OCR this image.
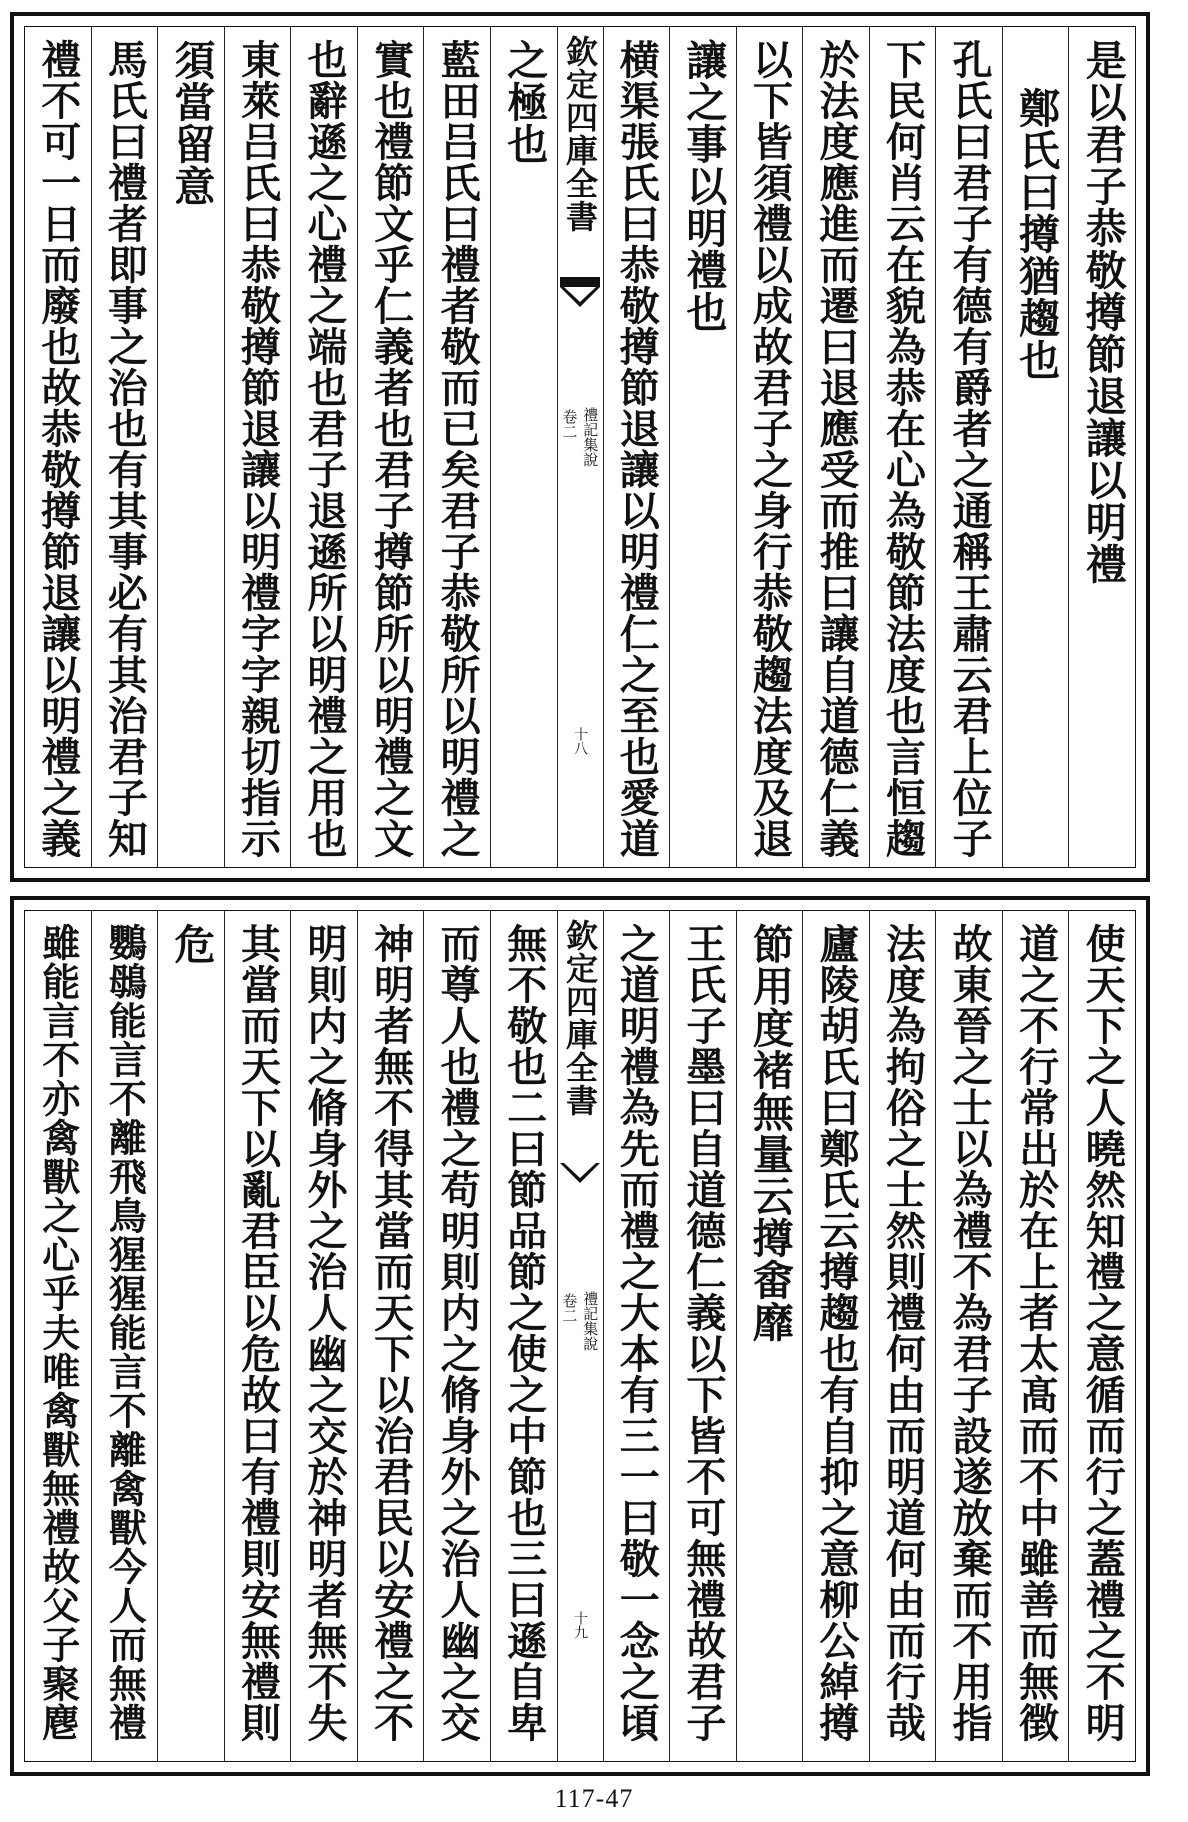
是以君子恭敬撙節退讓以明禮
鄭氏曰撙猶趨也
孔氏曰君子有德有爵者之通稱王肅云君上位子
下民何肖云在貌為恭在心為敬節法度也言恒趨
於法度應進而遷曰退應受而推曰讓自道德仁義
以下皆須禮以成故君子之身行恭敬趨法度及退
讓之事以明禮也
横渠張氏曰恭敬撙節退讓以明禮仁之至也愛道
欽定四庫全書
禮記集說
卷二
十八
之極也
藍田吕氏曰禮者敬而已矣君子恭敬所以明禮之
實也禮節文乎仁義者也君子撙節所以明禮之文
也辭遜之心禮之端也君子退遜所以明禮之用也
東萊吕氏曰恭敬撙節退讓以明禮字字親切指示
須當留意
馬氏曰禮者即事之治也有其事必有其治君子知
禮不可一日而廢也故恭敬撙節退讓以明禮之義
使天下之人曉然知禮之意循而行之蓋禮之不明
道之不行常出於在上者太髙而不中雖善而無徴
故東晉之士以為禮不為君子設遂放棄而不用指
法度為拘俗之士然則禮何由而明道何由而行哉
廬陵胡氏曰鄭氏云撙趨也有自抑之意柳公綽撙
節用度褚無量云撙畬靡
王氏子墨曰自道德仁義以下皆不可無禮故君子
之道明禮為先而禮之大本有三一曰敬一念之頃
欽定四庫全書
禮記集說
卷二
十九
無不敬也二曰節品節之使之中節也三曰遜自卑
而尊人也禮之苟明則内之脩身外之治人幽之交
神明者無不得其當而天下以治君民以安禮之不
明則内之脩身外之治人幽之交於神明者無不失
其當而天下以亂君臣以危故曰有禮則安無禮則
危
鸚䳇能言不離飛鳥猩猩能言不離禽獸今人而無禮
雖能言不亦禽獸之心乎夫唯禽獸無禮故父子聚麀
117-47
